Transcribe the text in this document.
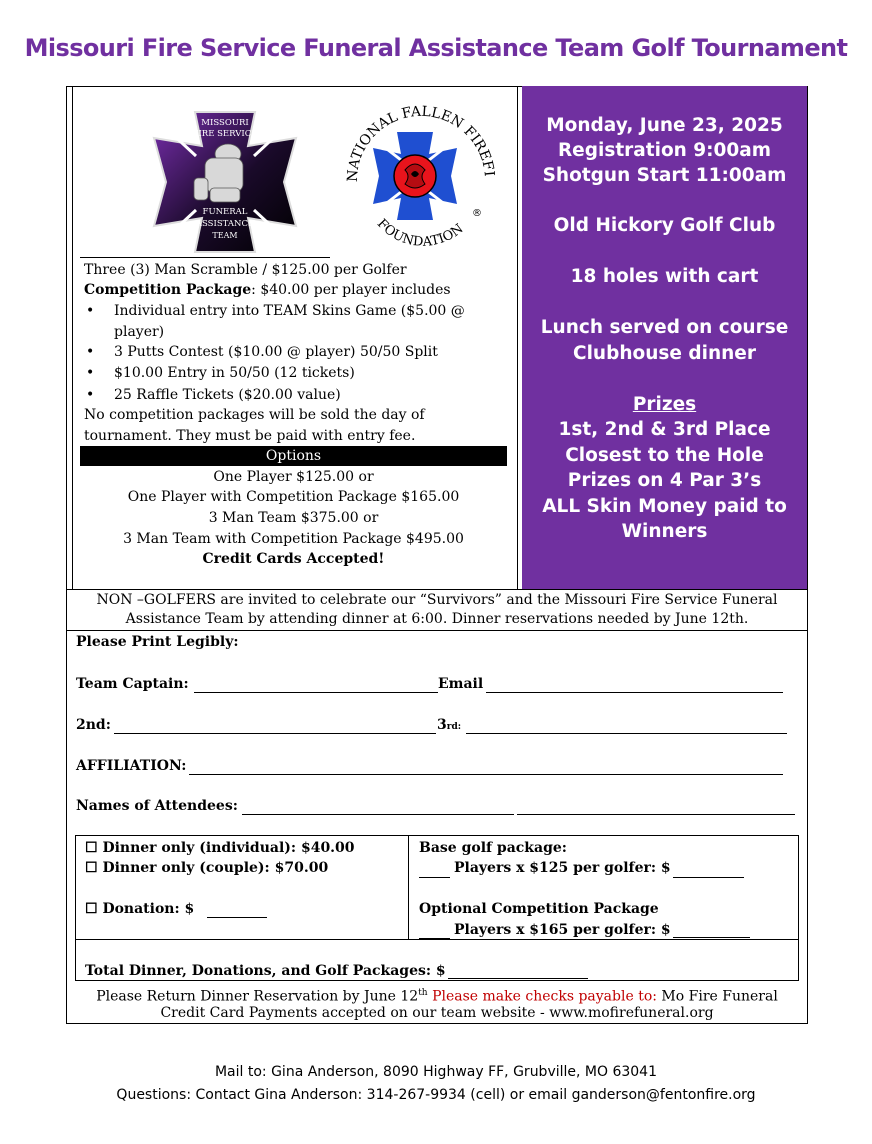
Missouri Fire Service Funeral Assistance Team Golf Tournament
MISSOURI
FIRE SERVICE
FUNERAL
ASSISTANCE
TEAM
NATIONAL FALLEN FIREF
FOUNDATION
®
Three (3) Man Scramble / $125.00 per Golfer
Competition Package: $40.00 per player includes
• Individual entry into TEAM Skins Game ($5.00 @ player)
• 3 Putts Contest ($10.00 @ player) 50/50 Split
• $10.00 Entry in 50/50 (12 tickets)
• 25 Raffle Tickets ($20.00 value)
No competition packages will be sold the day of tournament. They must be paid with entry fee.
Options
One Player $125.00 or
One Player with Competition Package $165.00
3 Man Team $375.00 or
3 Man Team with Competition Package $495.00
Credit Cards Accepted!
Monday, June 23, 2025
Registration 9:00am
Shotgun Start 11:00am
Old Hickory Golf Club
18 holes with cart
Lunch served on course
Clubhouse dinner
Prizes
1st, 2nd & 3rd Place
Closest to the Hole
Prizes on 4 Par 3’s
ALL Skin Money paid to
Winners
NON –GOLFERS are invited to celebrate our “Survivors” and the Missouri Fire Service Funeral
Assistance Team by attending dinner at 6:00. Dinner reservations needed by June 12th.
Please Print Legibly:
Team Captain:	Email
2nd:	3rd:
AFFILIATION:
Names of Attendees:
☐ Dinner only (individual): $40.00
☐ Dinner only (couple): $70.00
☐ Donation: $
Base golf package:
Players x $125 per golfer: $
Optional Competition Package
Players x $165 per golfer: $
Total Dinner, Donations, and Golf Packages: $
Please Return Dinner Reservation by June 12th Please make checks payable to: Mo Fire Funeral
Credit Card Payments accepted on our team website - www.mofirefuneral.org
Mail to: Gina Anderson, 8090 Highway FF, Grubville, MO 63041
Questions: Contact Gina Anderson: 314-267-9934 (cell) or email ganderson@fentonfire.org
